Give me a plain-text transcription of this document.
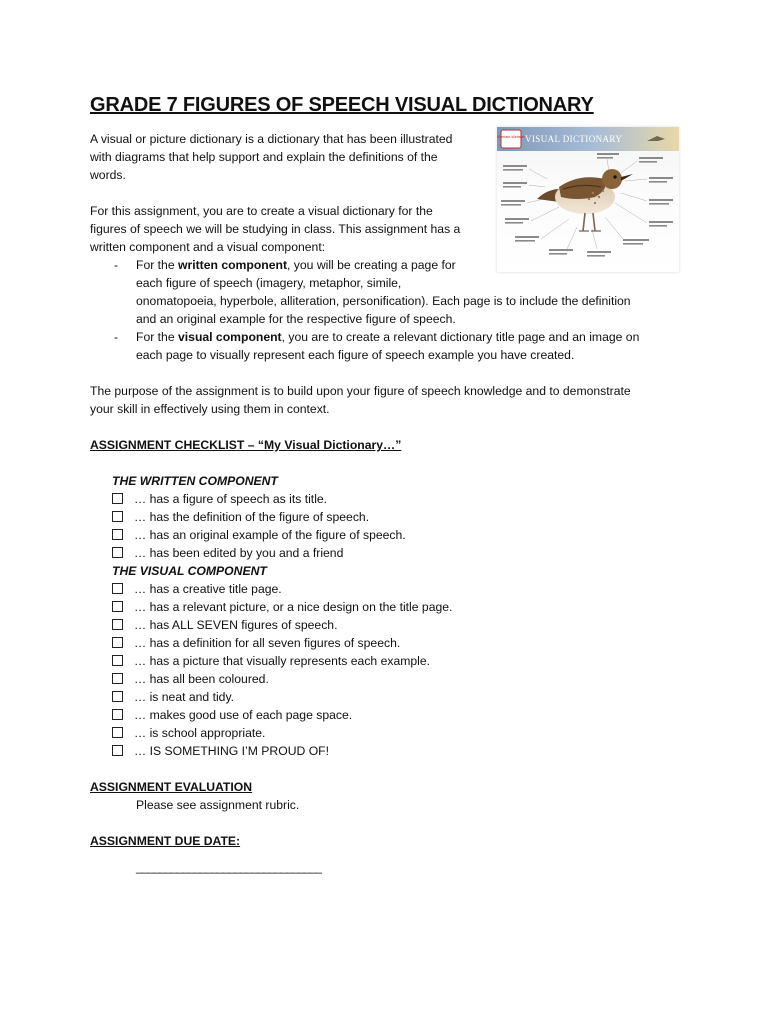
GRADE 7 FIGURES OF SPEECH VISUAL DICTIONARY

A visual or picture dictionary is a dictionary that has been illustrated

with diagrams that help support and explain the definitions of the

words.

For this assignment, you are to create a visual dictionary for the

figures of speech we will be studying in class. This assignment has a

written component and a visual component:

- For the written component, you will be creating a page for

each figure of speech (imagery, metaphor, simile,

onomatopoeia, hyperbole, alliteration, personification). Each page is to include the definition

and an original example for the respective figure of speech.

- For the visual component, you are to create a relevant dictionary title page and an image on

each page to visually represent each figure of speech example you have created.

The purpose of the assignment is to build upon your figure of speech knowledge and to demonstrate

your skill in effectively using them in context.

ASSIGNMENT CHECKLIST – “My Visual Dictionary…”

THE WRITTEN COMPONENT

… has a figure of speech as its title.

… has the definition of the figure of speech.

… has an original example of the figure of speech.

… has been edited by you and a friend

THE VISUAL COMPONENT

… has a creative title page.

… has a relevant picture, or a nice design on the title page.

… has ALL SEVEN figures of speech.

… has a definition for all seven figures of speech.

… has a picture that visually represents each example.

… has all been coloured.

… is neat and tidy.

… makes good use of each page space.

… is school appropriate.

… IS SOMETHING I’M PROUD OF!

ASSIGNMENT EVALUATION

Please see assignment rubric.

ASSIGNMENT DUE DATE:

________________________________

Merriam-Webster VISUAL DICTIONARY
